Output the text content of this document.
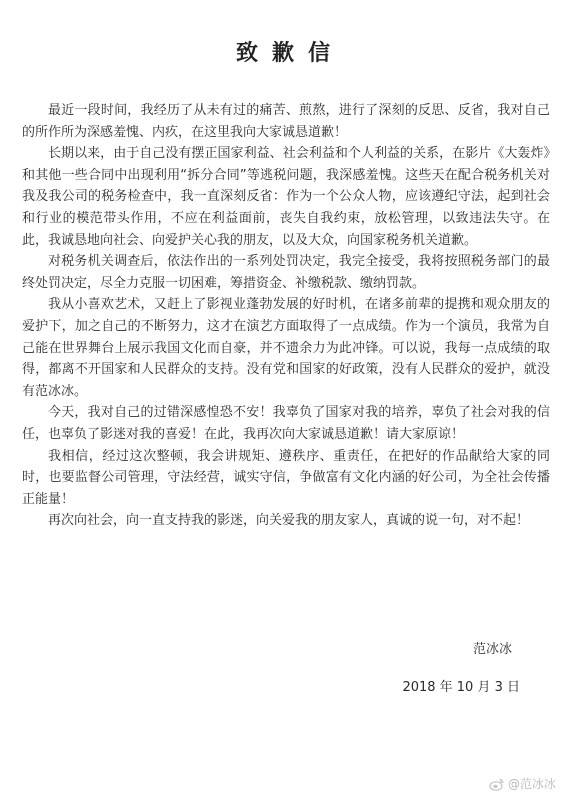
致歉信

最近一段时间，我经历了从未有过的痛苦、煎熬，进行了深刻的反思、反省，我对自己的所作所为深感羞愧、内疚，在这里我向大家诚恳道歉！

长期以来，由于自己没有摆正国家利益、社会利益和个人利益的关系，在影片《大轰炸》和其他一些合同中出现利用“拆分合同”等逃税问题，我深感羞愧。这些天在配合税务机关对我及我公司的税务检查中，我一直深刻反省：作为一个公众人物，应该遵纪守法，起到社会和行业的模范带头作用，不应在利益面前，丧失自我约束，放松管理，以致违法失守。在此，我诚恳地向社会、向爱护关心我的朋友，以及大众，向国家税务机关道歉。

对税务机关调查后，依法作出的一系列处罚决定，我完全接受，我将按照税务部门的最终处罚决定，尽全力克服一切困难，筹措资金、补缴税款、缴纳罚款。

我从小喜欢艺术，又赶上了影视业蓬勃发展的好时机，在诸多前辈的提携和观众朋友的爱护下，加之自己的不断努力，这才在演艺方面取得了一点成绩。作为一个演员，我常为自己能在世界舞台上展示我国文化而自豪，并不遗余力为此冲锋。可以说，我每一点成绩的取得，都离不开国家和人民群众的支持。没有党和国家的好政策，没有人民群众的爱护，就没有范冰冰。

今天，我对自己的过错深感惶恐不安！我辜负了国家对我的培养，辜负了社会对我的信任，也辜负了影迷对我的喜爱！在此，我再次向大家诚恳道歉！请大家原谅！

我相信，经过这次整顿，我会讲规矩、遵秩序、重责任，在把好的作品献给大家的同时，也要监督公司管理，守法经营，诚实守信，争做富有文化内涵的好公司，为全社会传播正能量！

再次向社会，向一直支持我的影迷，向关爱我的朋友家人，真诚的说一句，对不起！

范冰冰
2018 年 10 月 3 日
@范冰冰
